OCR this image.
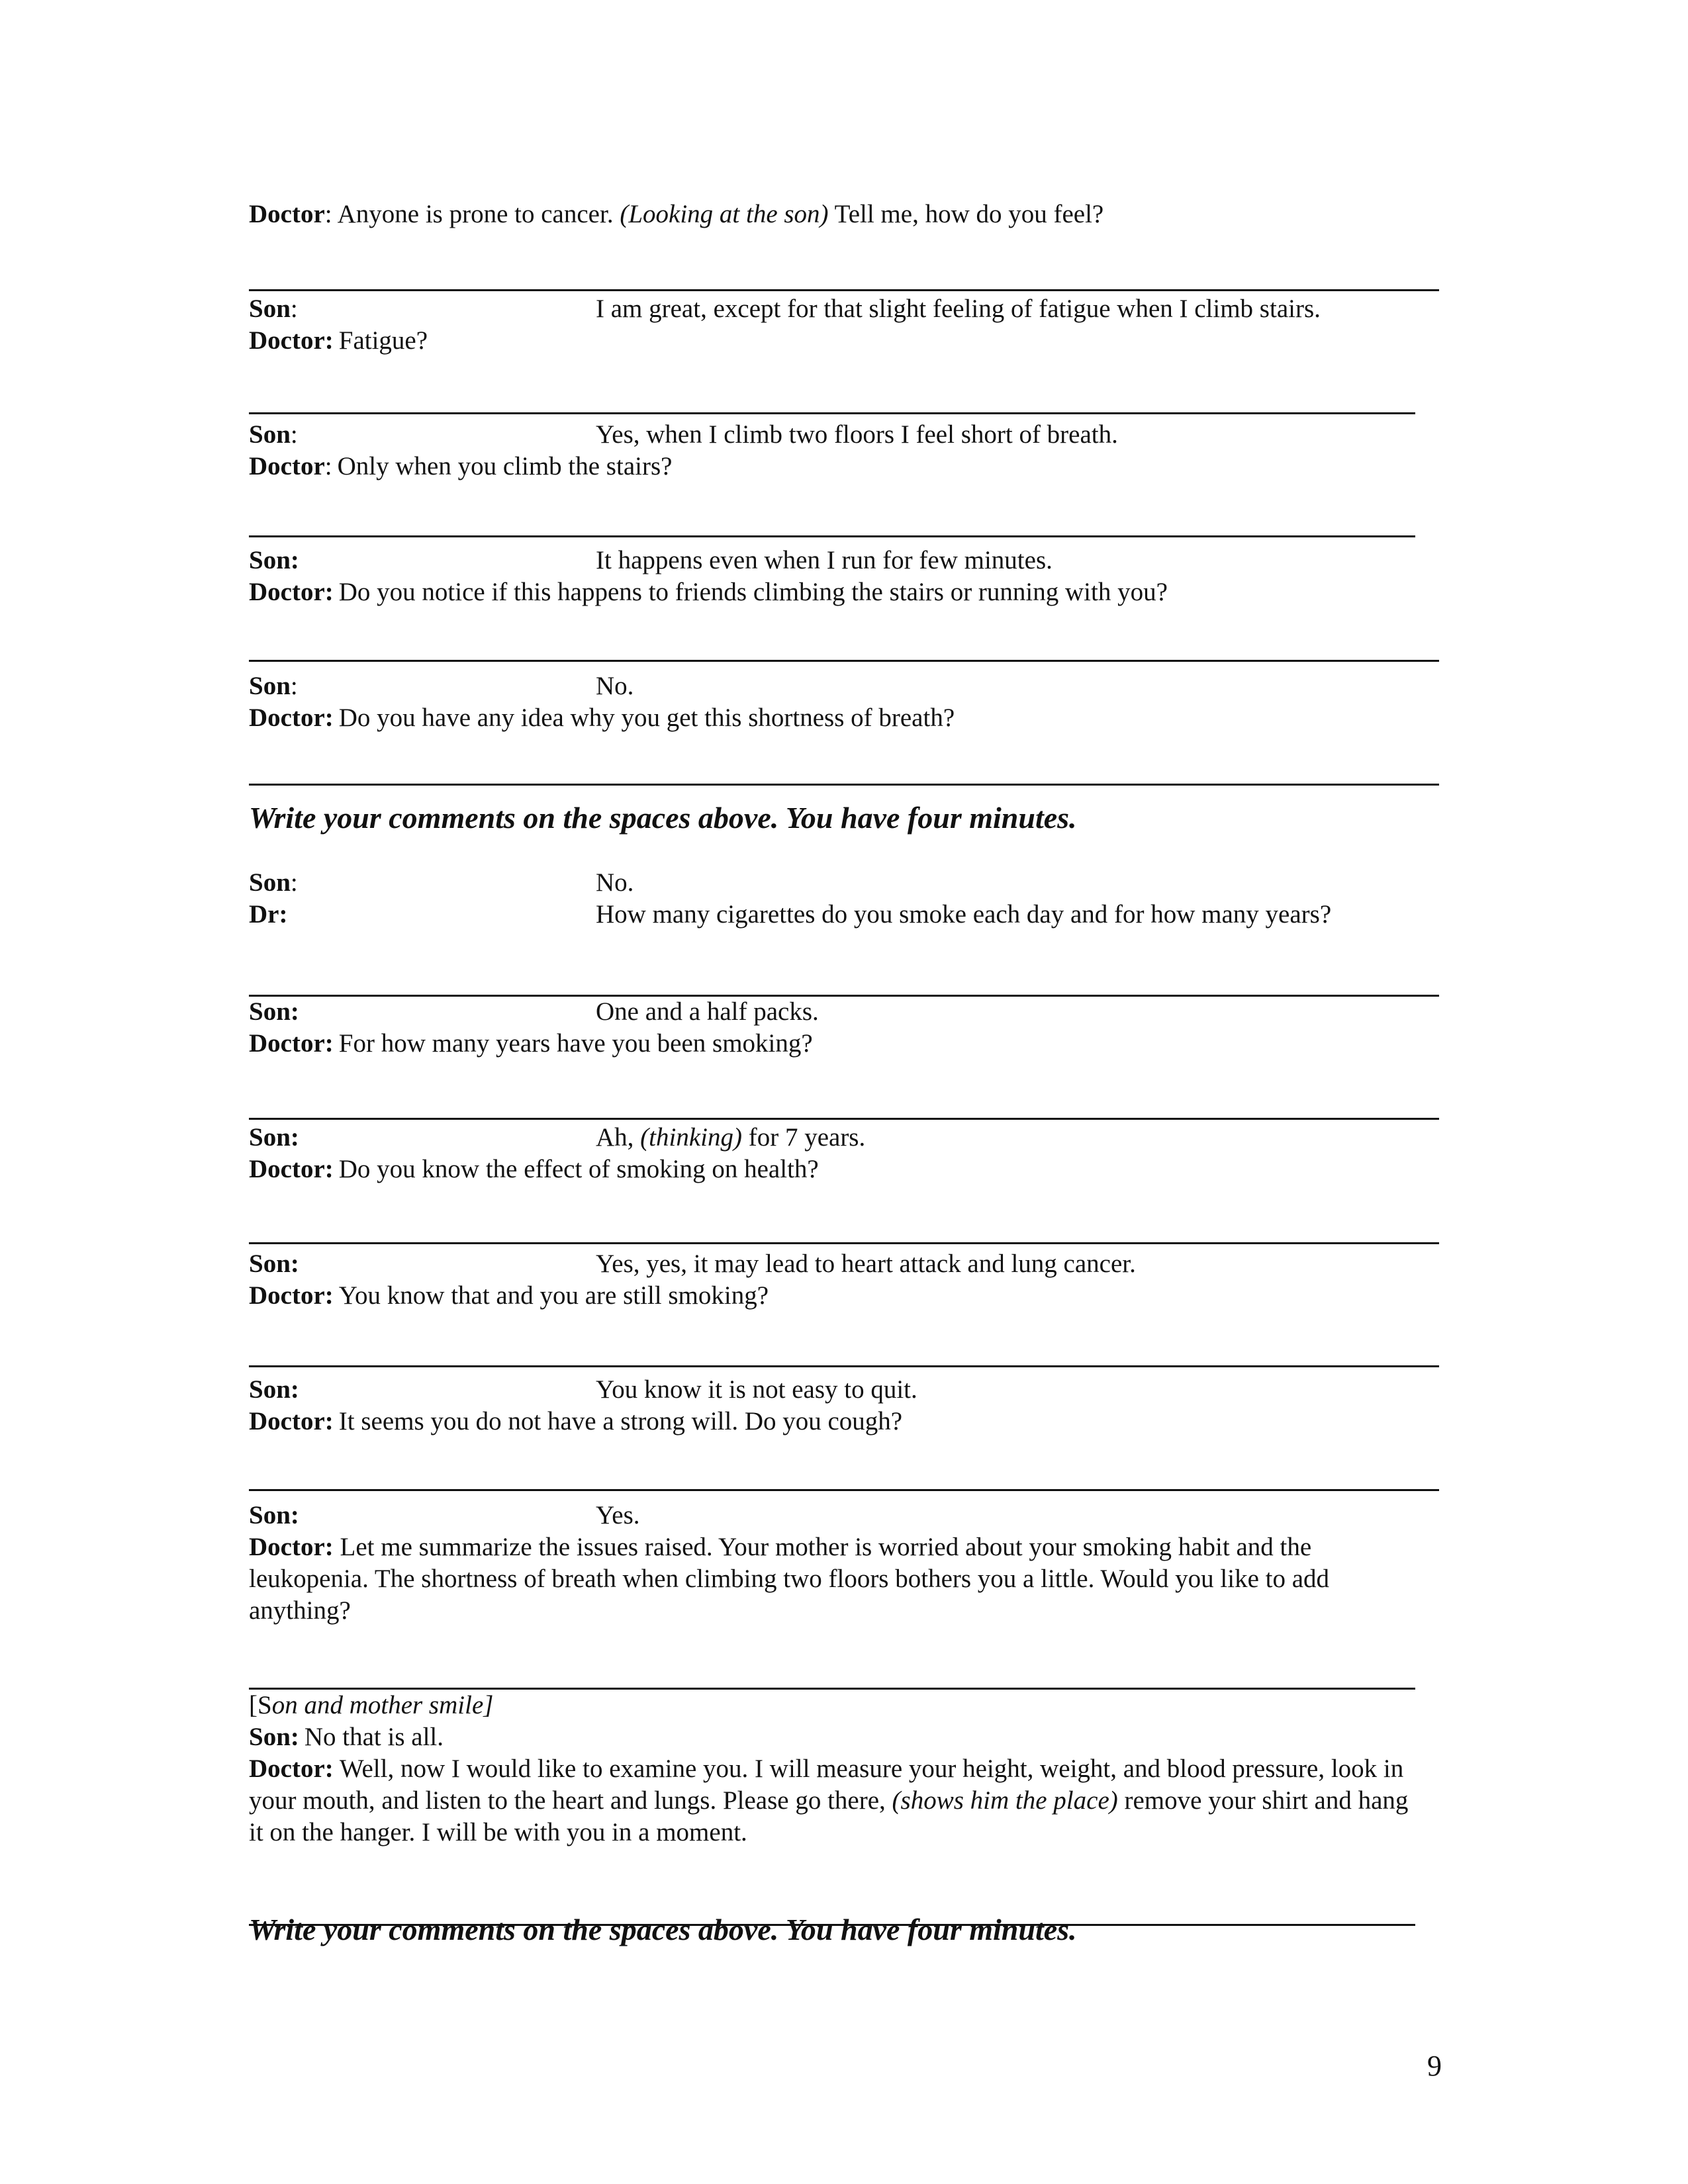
Doctor: Anyone is prone to cancer. (Looking at the son) Tell me, how do you feel?
Son:	I am great, except for that slight feeling of fatigue when I climb stairs.
Doctor: Fatigue?
Son:	Yes, when I climb two floors I feel short of breath.
Doctor: Only when you climb the stairs?
Son:	It happens even when I run for few minutes.
Doctor: Do you notice if this happens to friends climbing the stairs or running with you?
Son:	No.
Doctor: Do you have any idea why you get this shortness of breath?
Write your comments on the spaces above. You have four minutes.
Son:	No.
Dr:	How many cigarettes do you smoke each day and for how many years?
Son:	One and a half packs.
Doctor: For how many years have you been smoking?
Son:	Ah, (thinking) for 7 years.
Doctor: Do you know the effect of smoking on health?
Son:	Yes, yes, it may lead to heart attack and lung cancer.
Doctor: You know that and you are still smoking?
Son:	You know it is not easy to quit.
Doctor: It seems you do not have a strong will. Do you cough?
Son:	Yes.
Doctor: Let me summarize the issues raised. Your mother is worried about your smoking habit and the leukopenia. The shortness of breath when climbing two floors bothers you a little. Would you like to add anything?
[Son and mother smile]
Son: No that is all.
Doctor: Well, now I would like to examine you. I will measure your height, weight, and blood pressure, look in your mouth, and listen to the heart and lungs. Please go there, (shows him the place) remove your shirt and hang it on the hanger. I will be with you in a moment.
Write your comments on the spaces above. You have four minutes.
9
